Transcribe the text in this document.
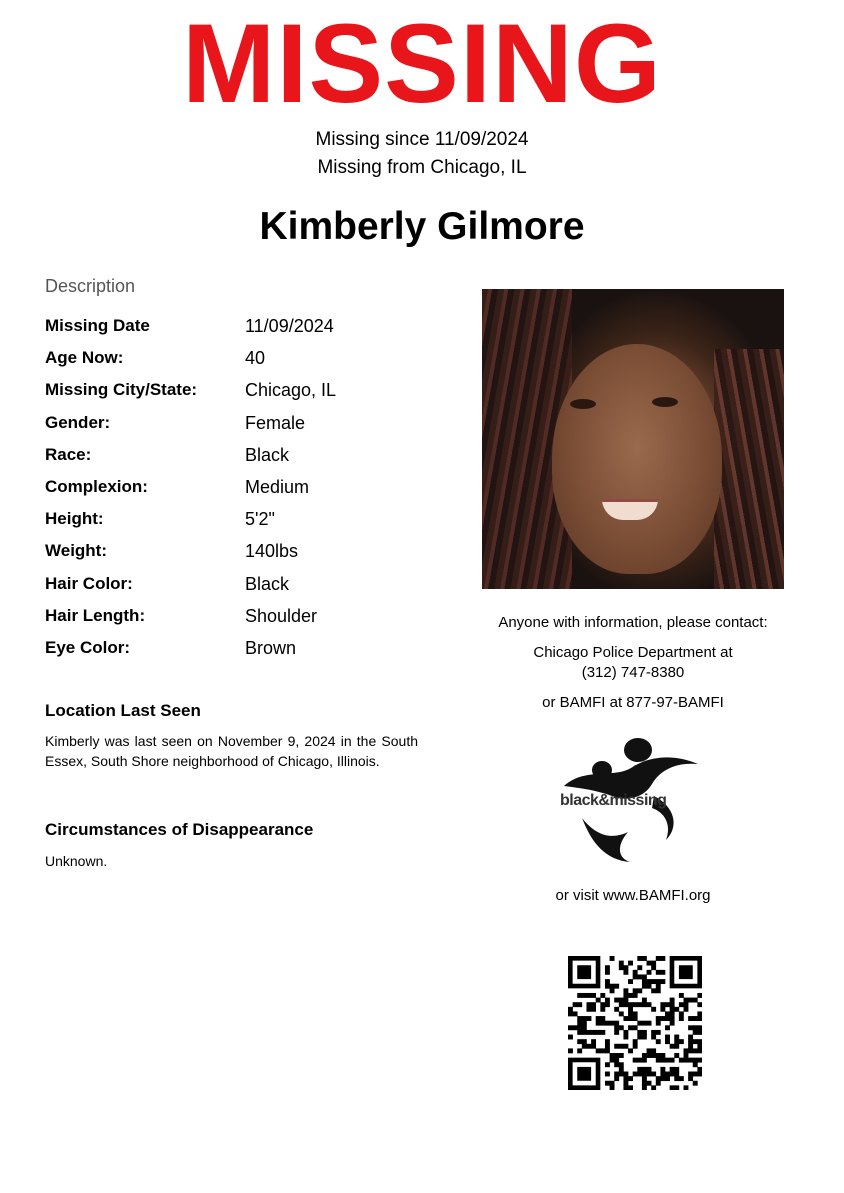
MISSING
Missing since 11/09/2024
Missing from Chicago, IL
Kimberly Gilmore
Description
Missing Date	11/09/2024
Age Now:	40
Missing City/State:	Chicago, IL
Gender:	Female
Race:	Black
Complexion:	Medium
Height:	5'2"
Weight:	140lbs
Hair Color:	Black
Hair Length:	Shoulder
Eye Color:	Brown
Location Last Seen
Kimberly was last seen on November 9, 2024 in the South Essex, South Shore neighborhood of Chicago, Illinois.
Circumstances of Disappearance
Unknown.
Anyone with information, please contact:
Chicago Police Department at
(312) 747-8380
or BAMFI at 877-97-BAMFI
black&missing
or visit www.BAMFI.org
